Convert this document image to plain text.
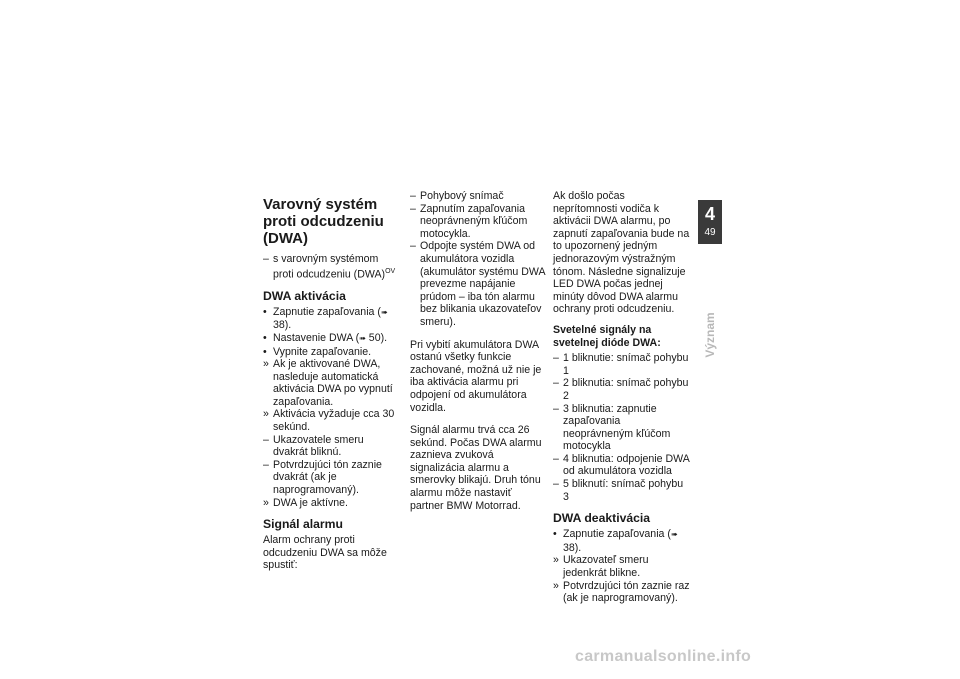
Varovný systém proti odcudzeniu (DWA)
– s varovným systémom proti odcudzeniu (DWA)$^{OV}$
DWA aktivácia
• Zapnutie zapaľovania (➠ 38).
• Nastavenie DWA (➠ 50).
• Vypnite zapaľovanie.
» Ak je aktivované DWA, nasleduje automatická aktivácia DWA po vypnutí zapaľovania.
» Aktivácia vyžaduje cca 30 sekúnd.
– Ukazovatele smeru dvakrát bliknú.
– Potvrdzujúci tón zaznie dvakrát (ak je naprogramovaný).
» DWA je aktívne.
Signál alarmu
Alarm ochrany proti odcudzeniu DWA sa môže spustiť:
– Pohybový snímač
– Zapnutím zapaľovania neoprávneným kľúčom motocykla.
– Odpojte systém DWA od akumulátora vozidla (akumulátor systému DWA prevezme napájanie prúdom – iba tón alarmu bez blikania ukazovateľov smeru).

Pri vybití akumulátora DWA ostanú všetky funkcie zachované, možná už nie je iba aktivácia alarmu pri odpojení od akumulátora vozidla.

Signál alarmu trvá cca 26 sekúnd. Počas DWA alarmu zaznieva zvuková signalizácia alarmu a smerovky blikajú. Druh tónu alarmu môže nastaviť partner BMW Motorrad.

Ak došlo počas neprítomnosti vodiča k aktivácii DWA alarmu, po zapnutí zapaľovania bude na to upozornený jedným jednorazovým výstražným tónom. Následne signalizuje LED DWA počas jednej minúty dôvod DWA alarmu ochrany proti odcudzeniu.

Svetelné signály na svetelnej dióde DWA:
– 1 bliknutie: snímač pohybu 1
– 2 bliknutia: snímač pohybu 2
– 3 bliknutia: zapnutie zapaľovania neoprávneným kľúčom motocykla
– 4 bliknutia: odpojenie DWA od akumulátora vozidla
– 5 bliknutí: snímač pohybu 3
DWA deaktivácia
• Zapnutie zapaľovania (➠ 38).
» Ukazovateľ smeru jedenkrát blikne.
» Potvrdzujúci tón zaznie raz (ak je naprogramovaný).
4
49
Význam
carmanualsonline.info
